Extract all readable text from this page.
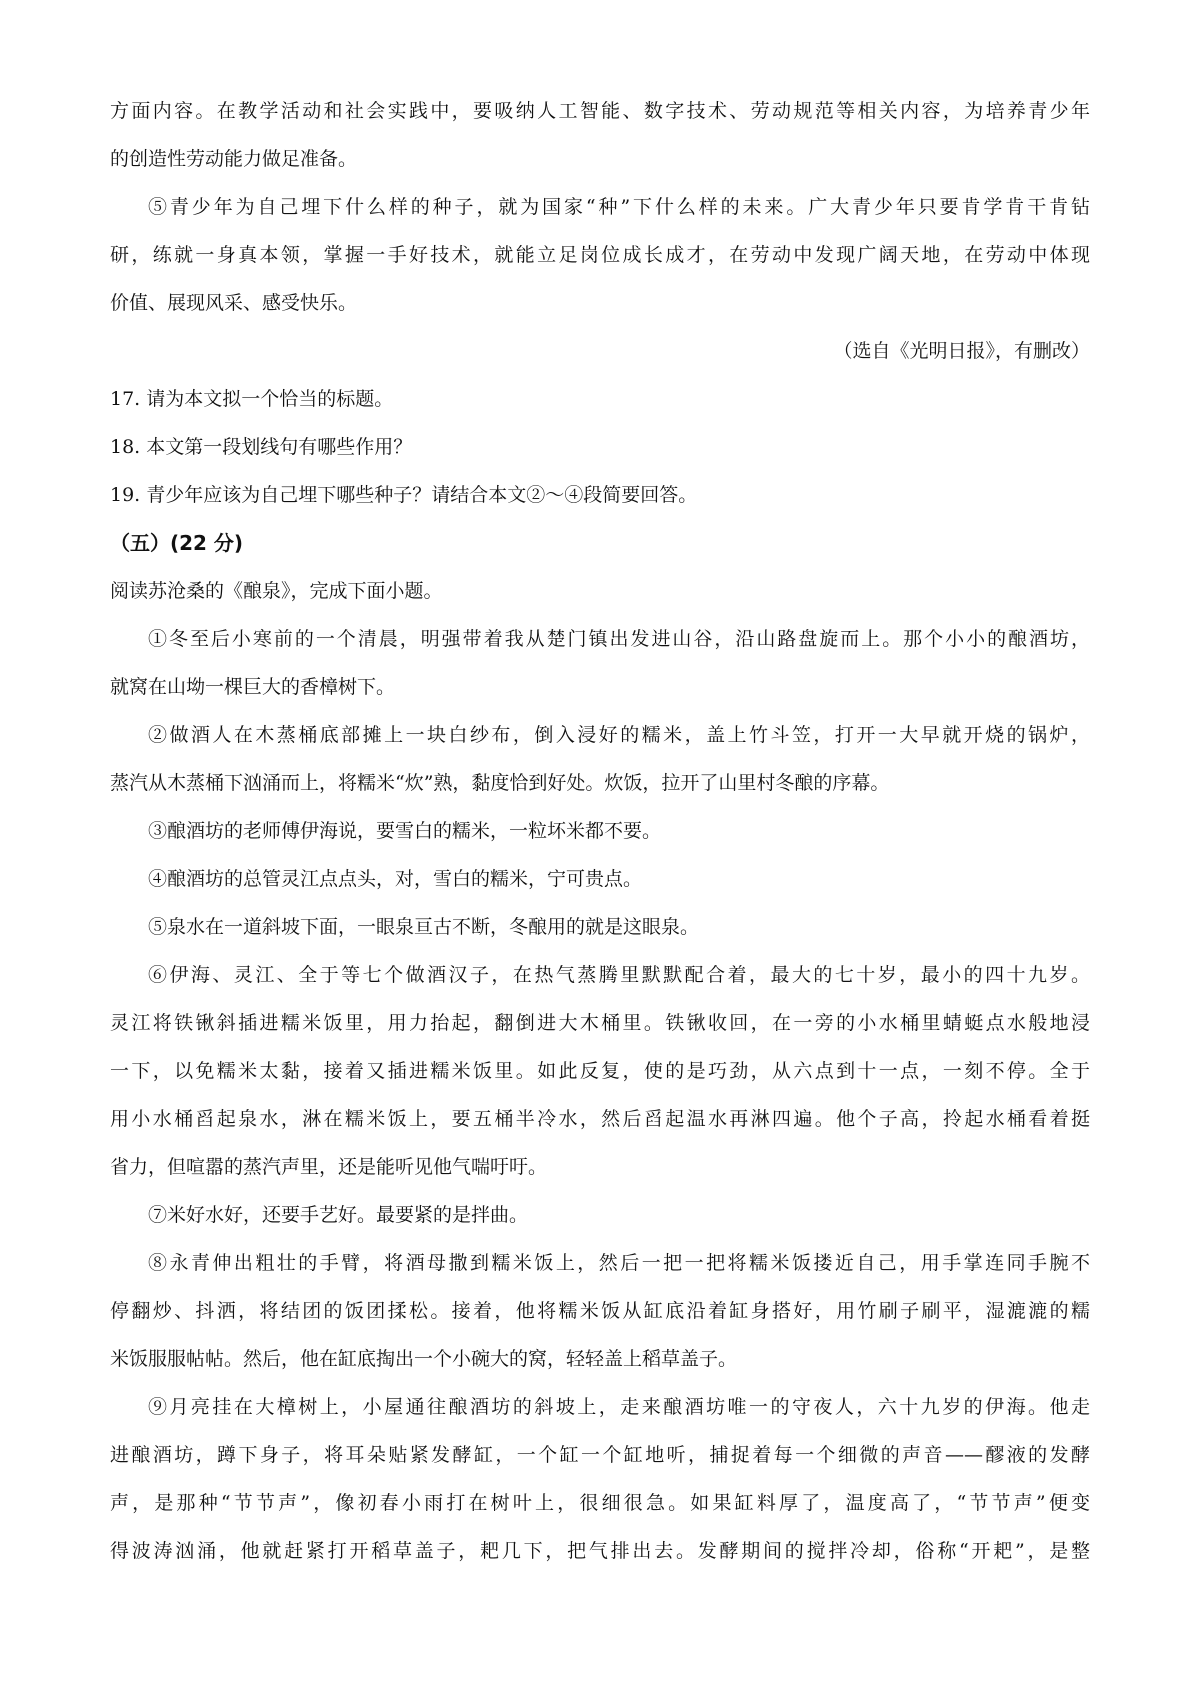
方面内容。在教学活动和社会实践中，要吸纳人工智能、数字技术、劳动规范等相关内容，为培养青少年
的创造性劳动能力做足准备。
⑤青少年为自己埋下什么样的种子，就为国家“种”下什么样的未来。广大青少年只要肯学肯干肯钻
研，练就一身真本领，掌握一手好技术，就能立足岗位成长成才，在劳动中发现广阔天地，在劳动中体现
价值、展现风采、感受快乐。
（选自《光明日报》，有删改）
17. 请为本文拟一个恰当的标题。
18. 本文第一段划线句有哪些作用？
19. 青少年应该为自己埋下哪些种子？请结合本文②～④段简要回答。
（五）(22 分)
阅读苏沧桑的《酿泉》，完成下面小题。
①冬至后小寒前的一个清晨，明强带着我从楚门镇出发进山谷，沿山路盘旋而上。那个小小的酿酒坊，
就窝在山坳一棵巨大的香樟树下。
②做酒人在木蒸桶底部摊上一块白纱布，倒入浸好的糯米，盖上竹斗笠，打开一大早就开烧的锅炉，
蒸汽从木蒸桶下汹涌而上，将糯米“炊”熟，黏度恰到好处。炊饭，拉开了山里村冬酿的序幕。
③酿酒坊的老师傅伊海说，要雪白的糯米，一粒坏米都不要。
④酿酒坊的总管灵江点点头，对，雪白的糯米，宁可贵点。
⑤泉水在一道斜坡下面，一眼泉亘古不断，冬酿用的就是这眼泉。
⑥伊海、灵江、全于等七个做酒汉子，在热气蒸腾里默默配合着，最大的七十岁，最小的四十九岁。
灵江将铁锹斜插进糯米饭里，用力抬起，翻倒进大木桶里。铁锹收回，在一旁的小水桶里蜻蜓点水般地浸
一下，以免糯米太黏，接着又插进糯米饭里。如此反复，使的是巧劲，从六点到十一点，一刻不停。全于
用小水桶舀起泉水，淋在糯米饭上，要五桶半冷水，然后舀起温水再淋四遍。他个子高，拎起水桶看着挺
省力，但喧嚣的蒸汽声里，还是能听见他气喘吁吁。
⑦米好水好，还要手艺好。最要紧的是拌曲。
⑧永青伸出粗壮的手臂，将酒母撒到糯米饭上，然后一把一把将糯米饭搂近自己，用手掌连同手腕不
停翻炒、抖洒，将结团的饭团揉松。接着，他将糯米饭从缸底沿着缸身搭好，用竹刷子刷平，湿漉漉的糯
米饭服服帖帖。然后，他在缸底掏出一个小碗大的窝，轻轻盖上稻草盖子。
⑨月亮挂在大樟树上，小屋通往酿酒坊的斜坡上，走来酿酒坊唯一的守夜人，六十九岁的伊海。他走
进酿酒坊，蹲下身子，将耳朵贴紧发酵缸，一个缸一个缸地听，捕捉着每一个细微的声音——醪液的发酵
声，是那种“节节声”，像初春小雨打在树叶上，很细很急。如果缸料厚了，温度高了，“节节声”便变
得波涛汹涌，他就赶紧打开稻草盖子，耙几下，把气排出去。发酵期间的搅拌冷却，俗称“开耙”，是整
